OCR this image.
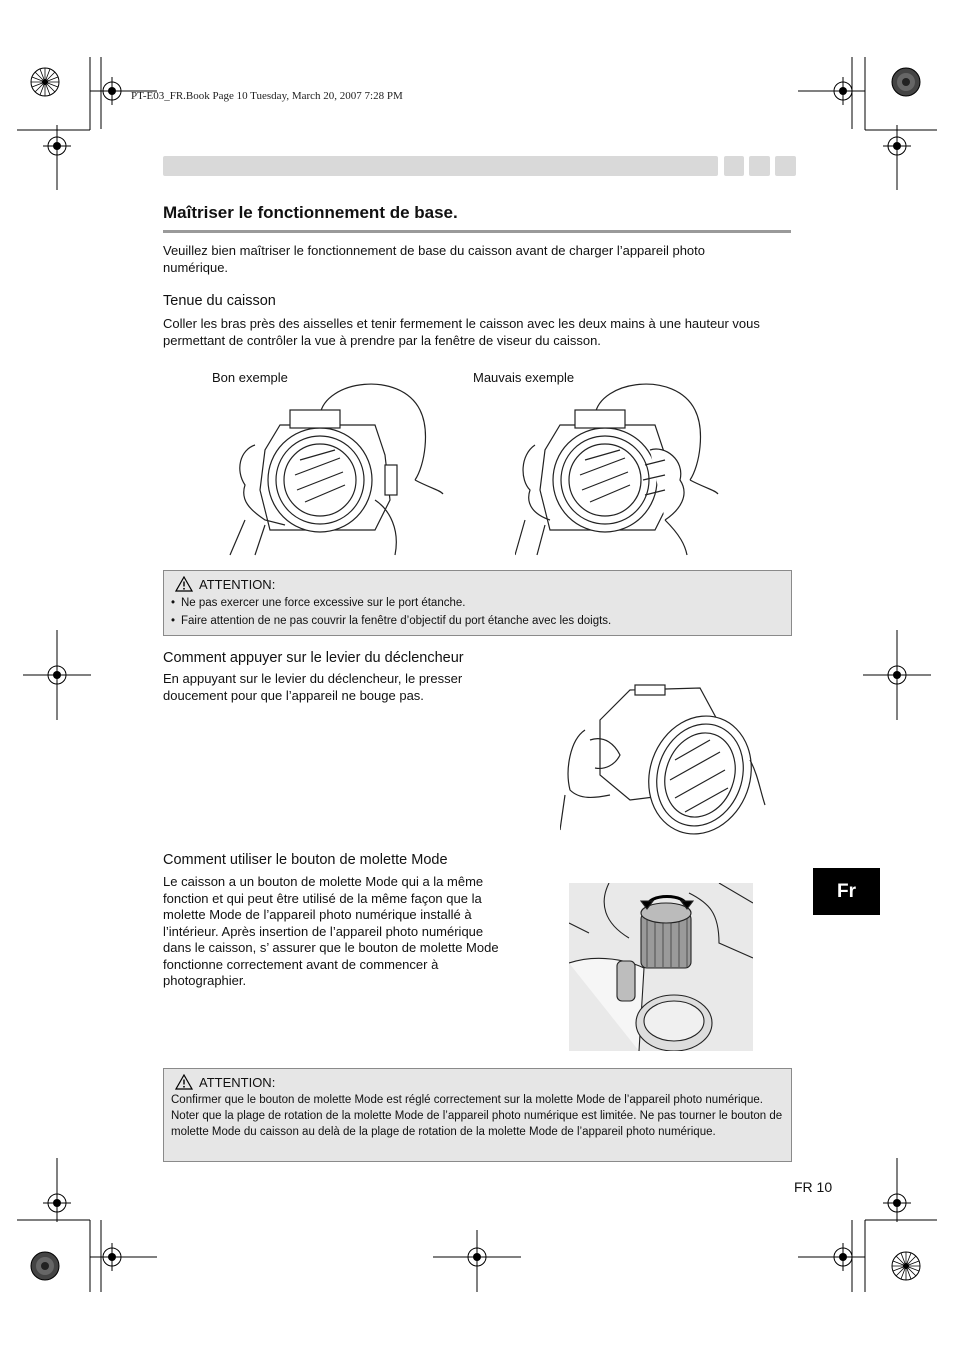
PT-E03_FR.Book Page 10 Tuesday, March 20, 2007 7:28 PM
Maîtriser le fonctionnement de base.
Veuillez bien maîtriser le fonctionnement de base du caisson avant de charger l’appareil photo numérique.
Tenue du caisson
Coller les bras près des aisselles et tenir fermement le caisson avec les deux mains à une hauteur vous permettant de contrôler la vue à prendre par la fenêtre de viseur du caisson.
Bon exemple	Mauvais exemple
ATTENTION:
• Ne pas exercer une force excessive sur le port étanche.
• Faire attention de ne pas couvrir la fenêtre d’objectif du port étanche avec les doigts.
Comment appuyer sur le levier du déclencheur
En appuyant sur le levier du déclencheur, le presser doucement pour que l’appareil ne bouge pas.
Comment utiliser le bouton de molette Mode
Le caisson a un bouton de molette Mode qui a la même fonction et qui peut être utilisé de la même façon que la molette Mode de l’appareil photo numérique installé à l’intérieur. Après insertion de l’appareil photo numérique dans le caisson, s’ assurer que le bouton de molette Mode fonctionne correctement avant de commencer à photographier.
ATTENTION:
Confirmer que le bouton de molette Mode est réglé correctement sur la molette Mode de l’appareil photo numérique. Noter que la plage de rotation de la molette Mode de l’appareil photo numérique est limitée. Ne pas tourner le bouton de molette Mode du caisson au delà de la plage de rotation de la molette Mode de l’appareil photo numérique.
Fr
FR 10
